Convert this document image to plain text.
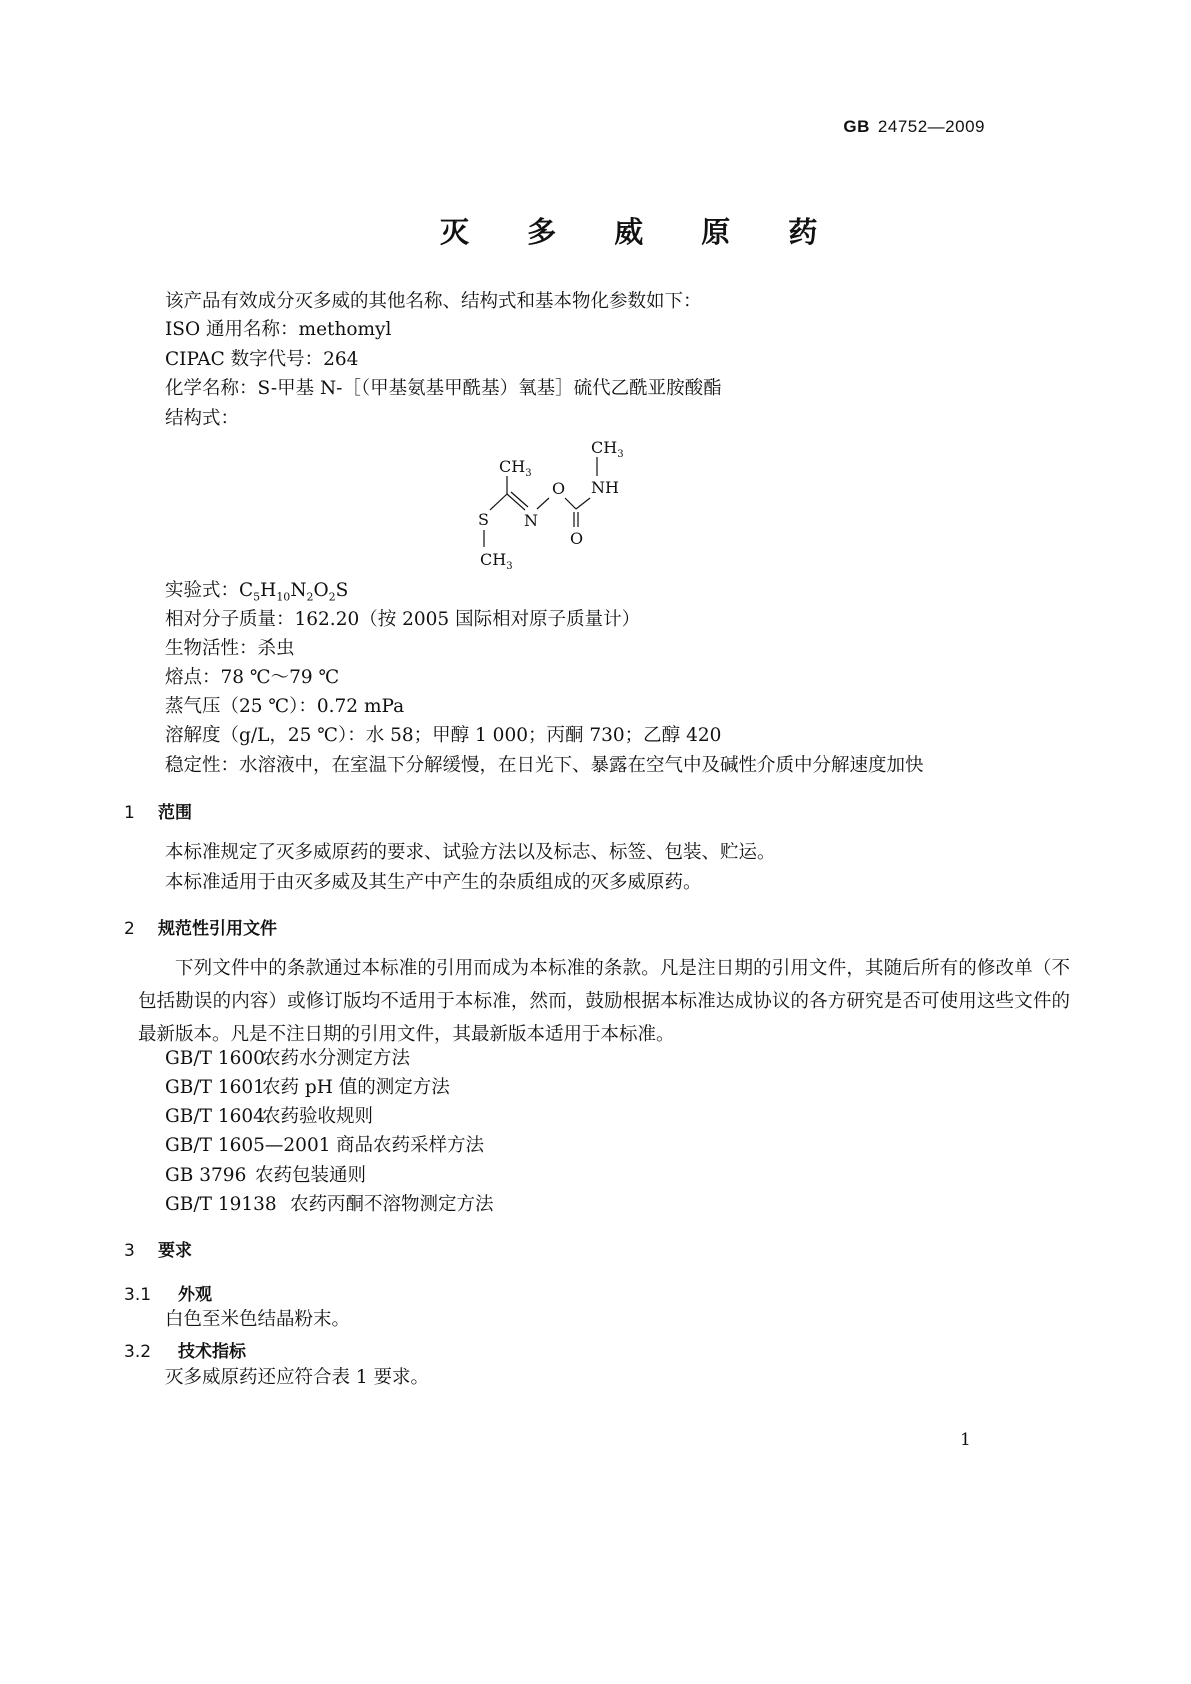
GB 24752—2009
灭 多 威 原 药
该产品有效成分灭多威的其他名称、结构式和基本物化参数如下：
ISO 通用名称：methomyl
CIPAC 数字代号：264
化学名称：S-甲基 N-［（甲基氨基甲酰基）氧基］硫代乙酰亚胺酸酯
结构式：
$CH_3$
$CH_3$
O NH
S N
O
$CH_3$
实验式：$C_5H_{10}N_2O_2S$
相对分子质量：162.20（按 2005 国际相对原子质量计）
生物活性：杀虫
熔点：78 ℃～79 ℃
蒸气压（25 ℃）：0.72 mPa
溶解度（g/L，25 ℃）：水 58；甲醇 1 000；丙酮 730；乙醇 420
稳定性：水溶液中，在室温下分解缓慢，在日光下、暴露在空气中及碱性介质中分解速度加快
1 范围
本标准规定了灭多威原药的要求、试验方法以及标志、标签、包装、贮运。
本标准适用于由灭多威及其生产中产生的杂质组成的灭多威原药。
2 规范性引用文件
下列文件中的条款通过本标准的引用而成为本标准的条款。凡是注日期的引用文件，其随后所有的修改单（不包括勘误的内容）或修订版均不适用于本标准，然而，鼓励根据本标准达成协议的各方研究是否可使用这些文件的最新版本。凡是不注日期的引用文件，其最新版本适用于本标准。
GB/T 1600农药水分测定方法
GB/T 1601农药 pH 值的测定方法
GB/T 1604农药验收规则
GB/T 1605—2001 商品农药采样方法
GB 3796 农药包装通则
GB/T 19138 农药丙酮不溶物测定方法
3 要求
3.1 外观
白色至米色结晶粉末。
3.2 技术指标
灭多威原药还应符合表 1 要求。
1
